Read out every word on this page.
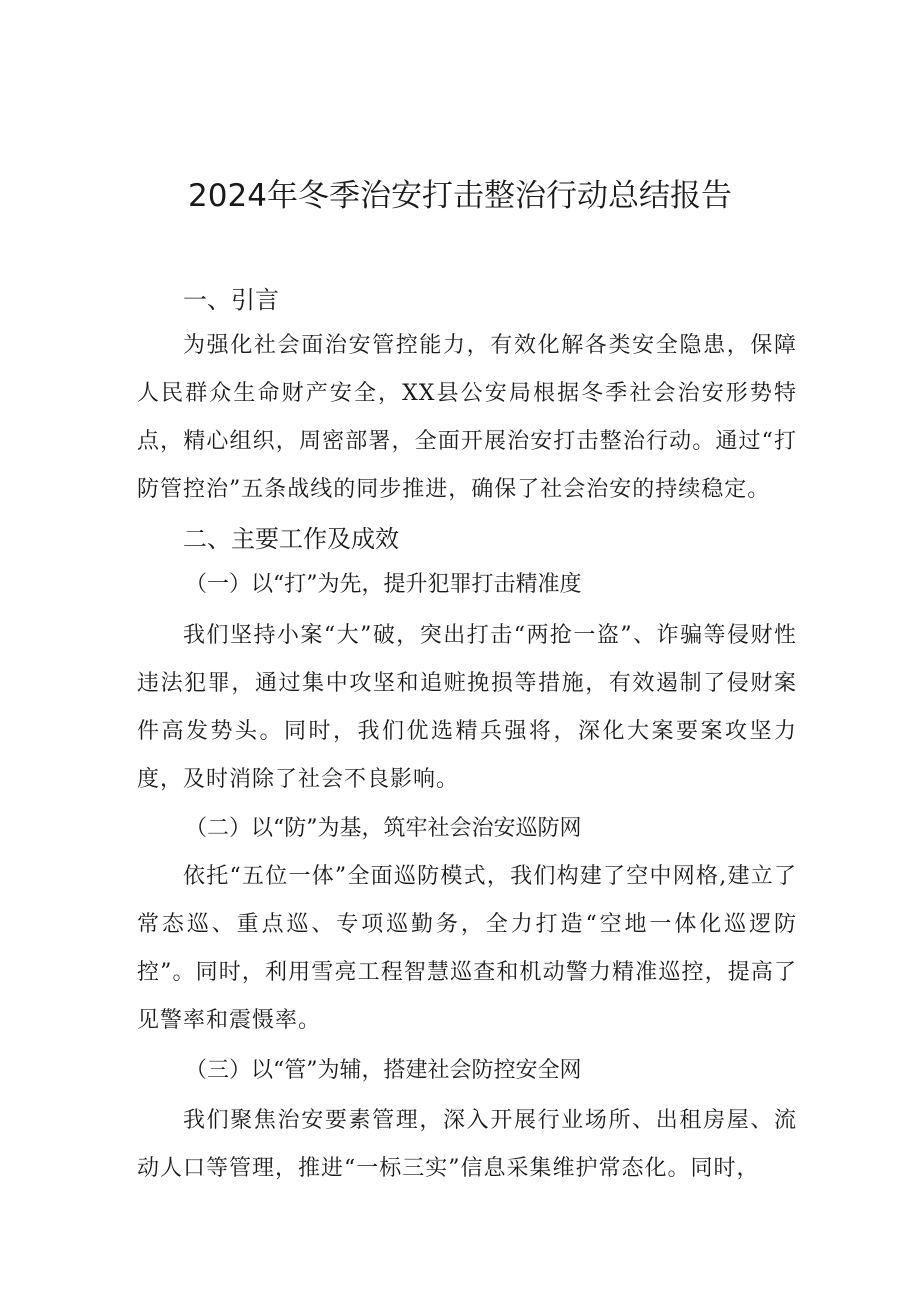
2024年冬季治安打击整治行动总结报告
一、引言

为强化社会面治安管控能力，有效化解各类安全隐患，保障人民群众生命财产安全，XX县公安局根据冬季社会治安形势特点，精心组织，周密部署，全面开展治安打击整治行动。通过“打防管控治”五条战线的同步推进，确保了社会治安的持续稳定。

二、主要工作及成效
（一）以“打”为先，提升犯罪打击精准度

我们坚持小案“大”破，突出打击“两抢一盗”、诈骗等侵财性违法犯罪，通过集中攻坚和追赃挽损等措施，有效遏制了侵财案件高发势头。同时，我们优选精兵强将，深化大案要案攻坚力度，及时消除了社会不良影响。

（二）以“防”为基，筑牢社会治安巡防网

依托“五位一体”全面巡防模式，我们构建了空中网格,建立了常态巡、重点巡、专项巡勤务，全力打造“空地一体化巡逻防控”。同时，利用雪亮工程智慧巡查和机动警力精准巡控，提高了见警率和震慑率。

（三）以“管”为辅，搭建社会防控安全网

我们聚焦治安要素管理，深入开展行业场所、出租房屋、流动人口等管理，推进“一标三实”信息采集维护常态化。同时，
